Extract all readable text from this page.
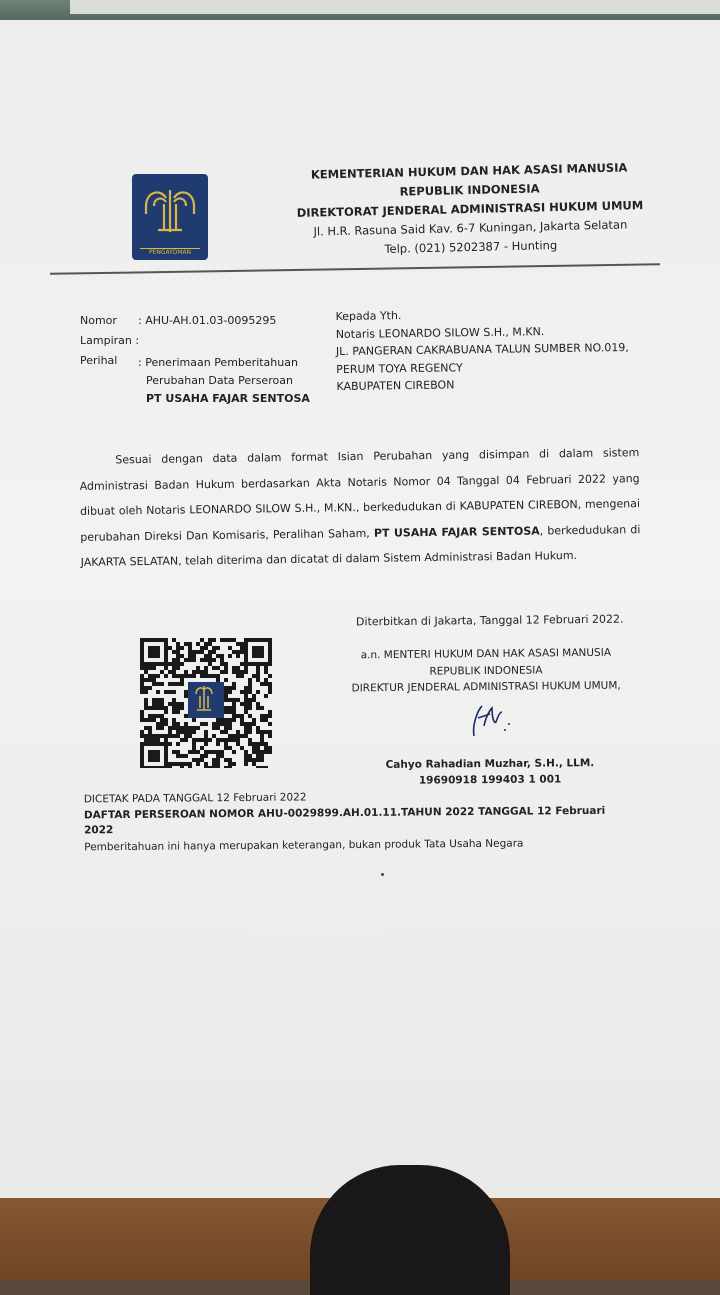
PENGAYOMAN
KEMENTERIAN HUKUM DAN HAK ASASI MANUSIA
REPUBLIK INDONESIA
DIREKTORAT JENDERAL ADMINISTRASI HUKUM UMUM
Jl. H.R. Rasuna Said Kav. 6-7 Kuningan, Jakarta Selatan
Telp. (021) 5202387 - Hunting
Nomor : AHU-AH.01.03-0095295
Lampiran :
Perihal : Penerimaan Pemberitahuan
Perubahan Data Perseroan
PT USAHA FAJAR SENTOSA
Kepada Yth.
Notaris LEONARDO SILOW S.H., M.KN.
JL. PANGERAN CAKRABUANA TALUN SUMBER NO.019,
PERUM TOYA REGENCY
KABUPATEN CIREBON

Sesuai dengan data dalam format Isian Perubahan yang disimpan di dalam sistem Administrasi Badan Hukum berdasarkan Akta Notaris Nomor 04 Tanggal 04 Februari 2022 yang dibuat oleh Notaris LEONARDO SILOW S.H., M.KN., berkedudukan di KABUPATEN CIREBON, mengenai perubahan Direksi Dan Komisaris, Peralihan Saham, PT USAHA FAJAR SENTOSA, berkedudukan di JAKARTA SELATAN, telah diterima dan dicatat di dalam Sistem Administrasi Badan Hukum.

Diterbitkan di Jakarta, Tanggal 12 Februari 2022.
a.n. MENTERI HUKUM DAN HAK ASASI MANUSIA
REPUBLIK INDONESIA
DIREKTUR JENDERAL ADMINISTRASI HUKUM UMUM,
Cahyo Rahadian Muzhar, S.H., LLM.
19690918 199403 1 001
DICETAK PADA TANGGAL 12 Februari 2022
DAFTAR PERSEROAN NOMOR AHU-0029899.AH.01.11.TAHUN 2022 TANGGAL 12 Februari 2022
Pemberitahuan ini hanya merupakan keterangan, bukan produk Tata Usaha Negara
